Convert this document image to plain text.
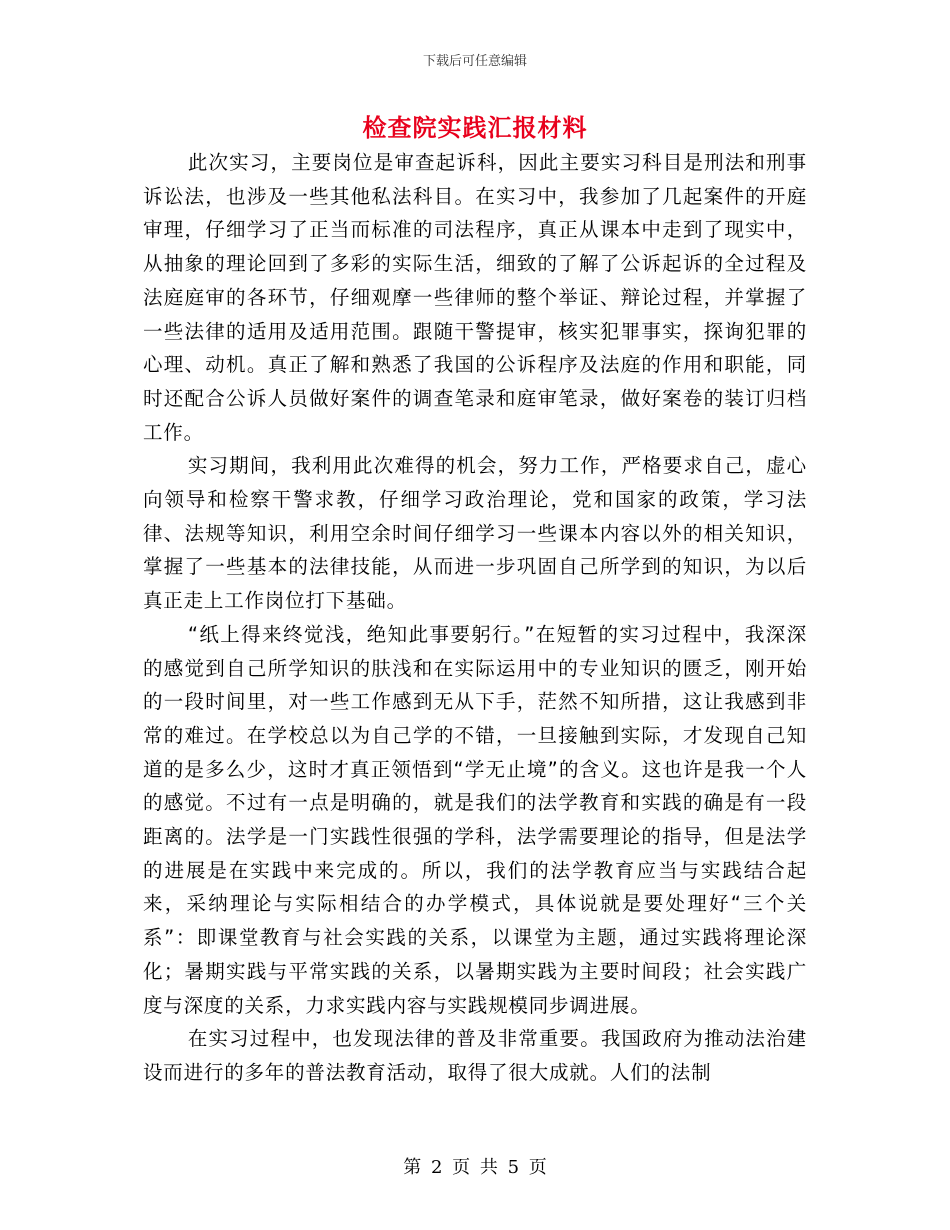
下载后可任意编辑
检查院实践汇报材料

此次实习，主要岗位是审查起诉科，因此主要实习科目是刑法和刑事诉讼法，也涉及一些其他私法科目。在实习中，我参加了几起案件的开庭审理，仔细学习了正当而标准的司法程序，真正从课本中走到了现实中，从抽象的理论回到了多彩的实际生活，细致的了解了公诉起诉的全过程及法庭庭审的各环节，仔细观摩一些律师的整个举证、辩论过程，并掌握了一些法律的适用及适用范围。跟随干警提审，核实犯罪事实，探询犯罪的心理、动机。真正了解和熟悉了我国的公诉程序及法庭的作用和职能，同时还配合公诉人员做好案件的调查笔录和庭审笔录，做好案卷的装订归档工作。

实习期间，我利用此次难得的机会，努力工作，严格要求自己，虚心向领导和检察干警求教，仔细学习政治理论，党和国家的政策，学习法律、法规等知识，利用空余时间仔细学习一些课本内容以外的相关知识，掌握了一些基本的法律技能，从而进一步巩固自己所学到的知识，为以后真正走上工作岗位打下基础。

“纸上得来终觉浅，绝知此事要躬行。”在短暂的实习过程中，我深深的感觉到自己所学知识的肤浅和在实际运用中的专业知识的匮乏，刚开始的一段时间里，对一些工作感到无从下手，茫然不知所措，这让我感到非常的难过。在学校总以为自己学的不错，一旦接触到实际，才发现自己知道的是多么少，这时才真正领悟到“学无止境”的含义。这也许是我一个人的感觉。不过有一点是明确的，就是我们的法学教育和实践的确是有一段距离的。法学是一门实践性很强的学科，法学需要理论的指导，但是法学的进展是在实践中来完成的。所以，我们的法学教育应当与实践结合起来，采纳理论与实际相结合的办学模式，具体说就是要处理好“三个关系”：即课堂教育与社会实践的关系，以课堂为主题，通过实践将理论深化；暑期实践与平常实践的关系，以暑期实践为主要时间段；社会实践广度与深度的关系，力求实践内容与实践规模同步调进展。

在实习过程中，也发现法律的普及非常重要。我国政府为推动法治建设而进行的多年的普法教育活动，取得了很大成就。人们的法制

第 2 页 共 5 页
